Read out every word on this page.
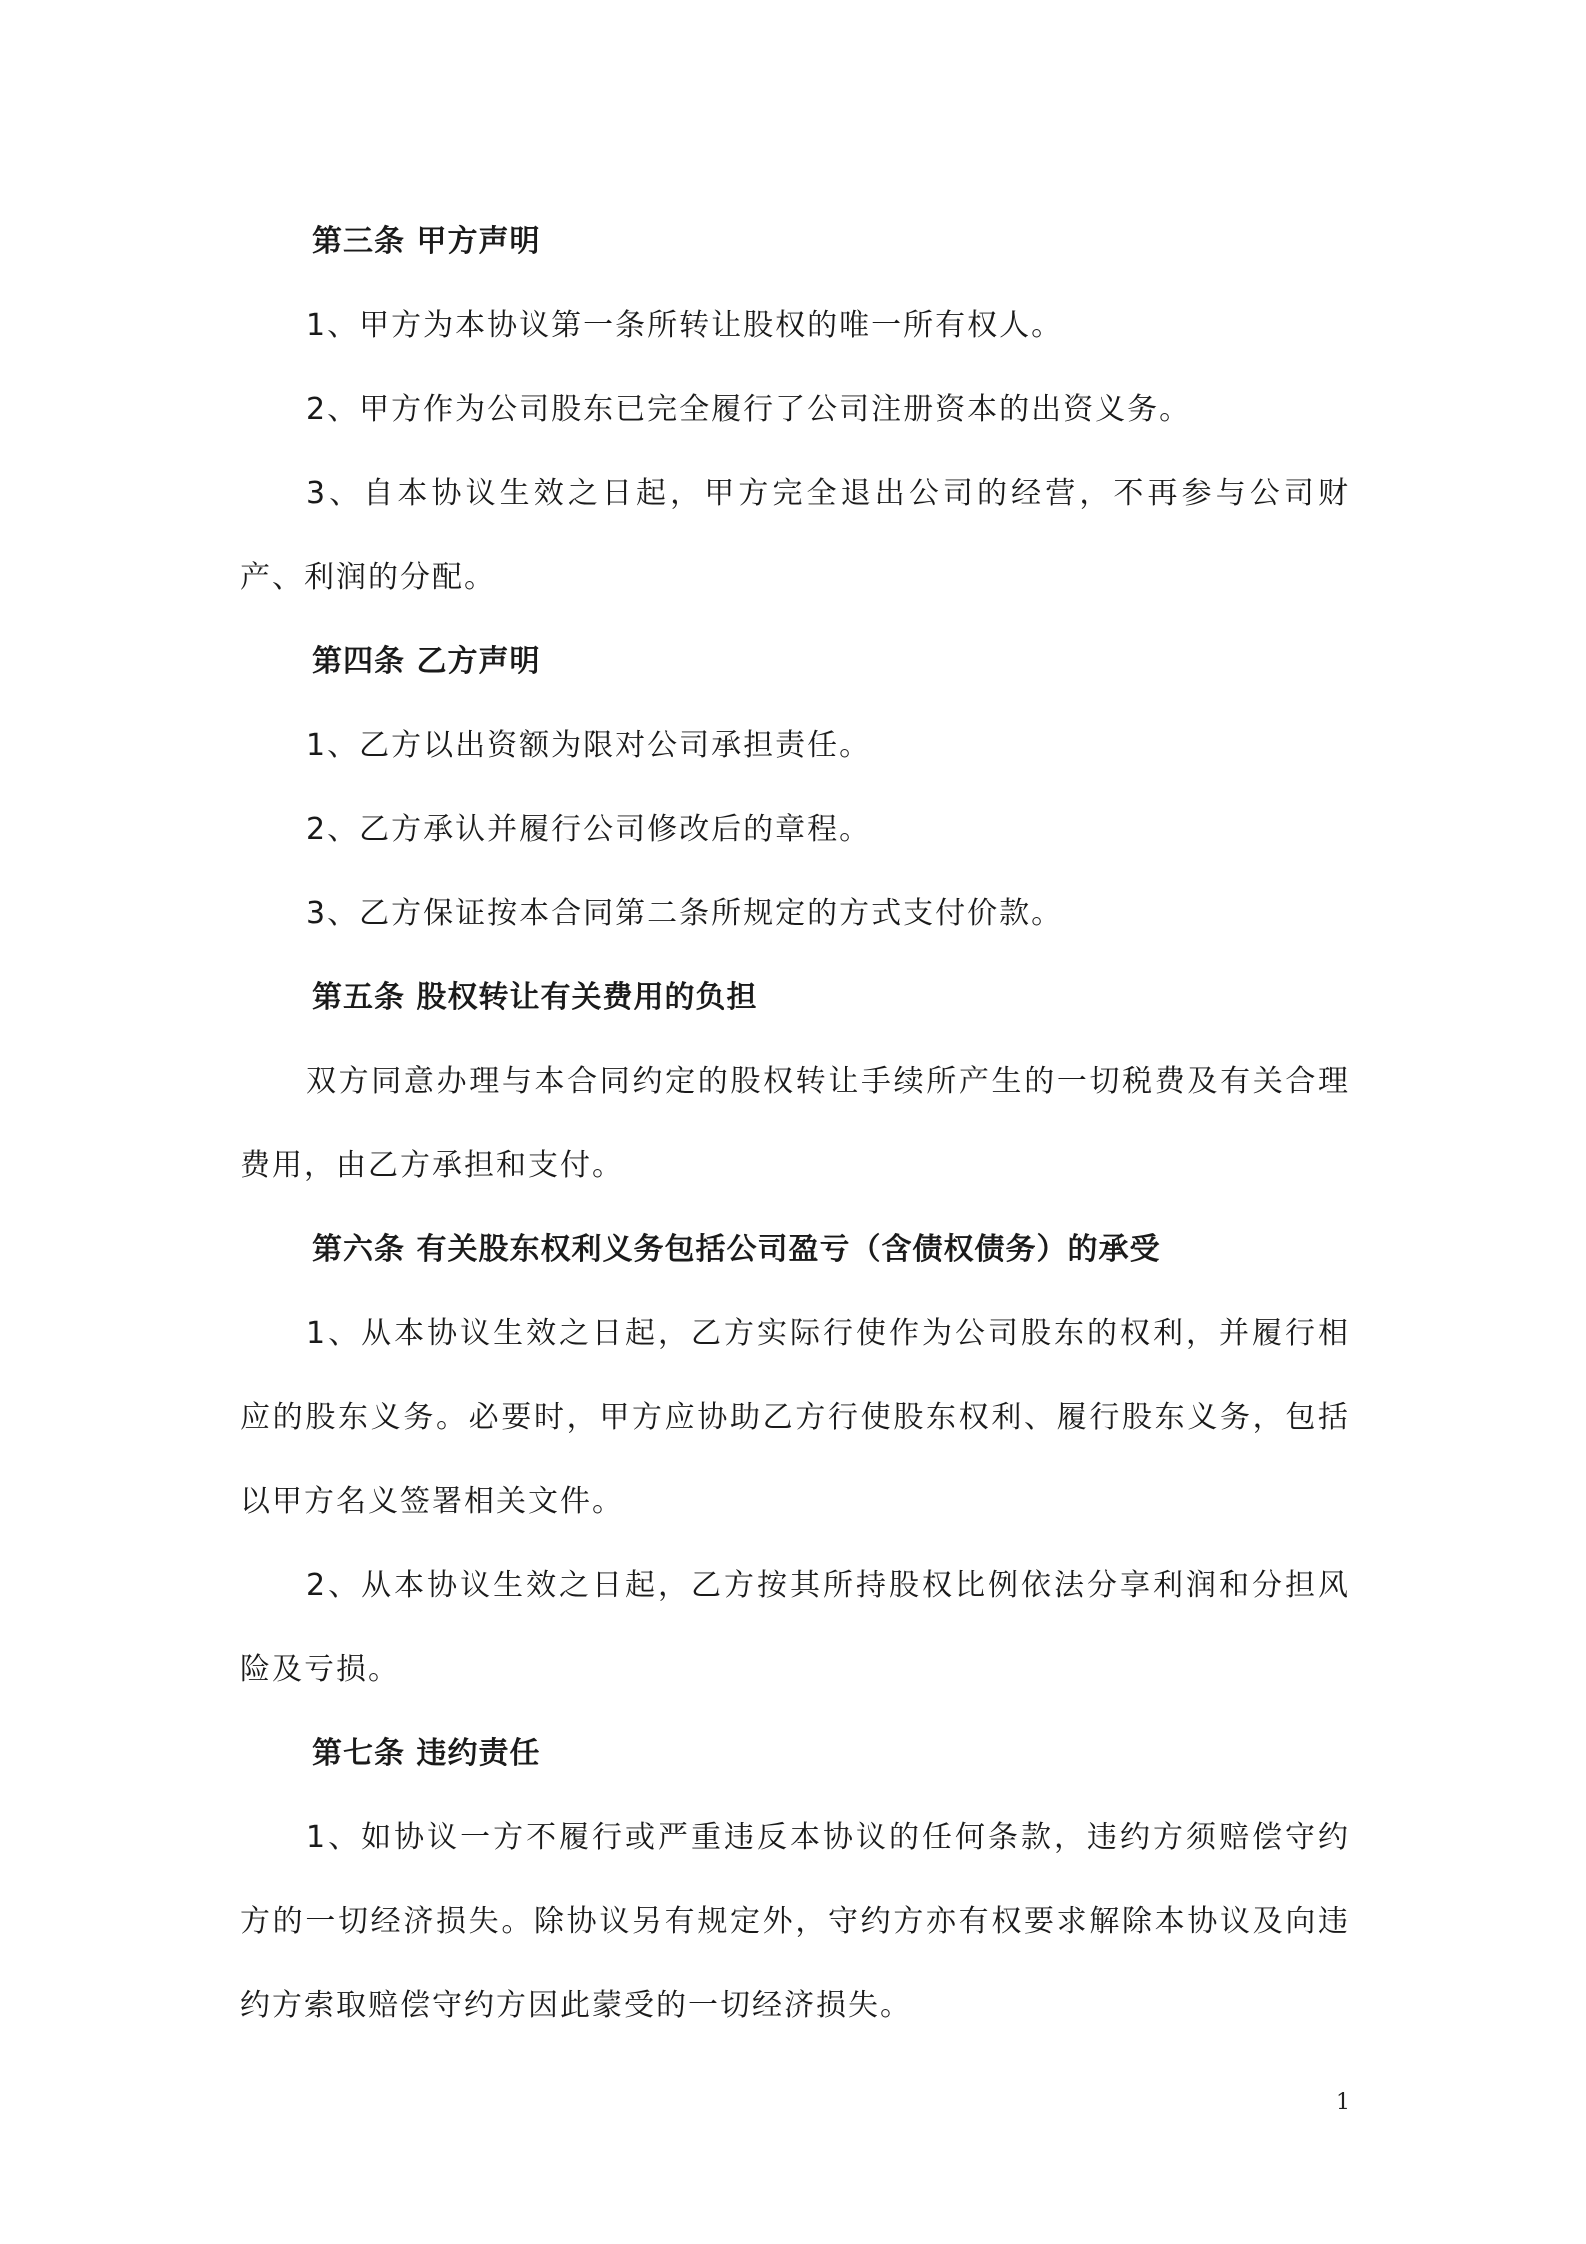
第三条 甲方声明

1、甲方为本协议第一条所转让股权的唯一所有权人。

2、甲方作为公司股东已完全履行了公司注册资本的出资义务。

3、自本协议生效之日起，甲方完全退出公司的经营，不再参与公司财产、利润的分配。

第四条 乙方声明

1、乙方以出资额为限对公司承担责任。

2、乙方承认并履行公司修改后的章程。

3、乙方保证按本合同第二条所规定的方式支付价款。

第五条 股权转让有关费用的负担

双方同意办理与本合同约定的股权转让手续所产生的一切税费及有关合理费用，由乙方承担和支付。

第六条 有关股东权利义务包括公司盈亏（含债权债务）的承受

1、从本协议生效之日起，乙方实际行使作为公司股东的权利，并履行相应的股东义务。必要时，甲方应协助乙方行使股东权利、履行股东义务，包括以甲方名义签署相关文件。

2、从本协议生效之日起，乙方按其所持股权比例依法分享利润和分担风险及亏损。

第七条 违约责任

1、如协议一方不履行或严重违反本协议的任何条款，违约方须赔偿守约方的一切经济损失。除协议另有规定外，守约方亦有权要求解除本协议及向违约方索取赔偿守约方因此蒙受的一切经济损失。

1
